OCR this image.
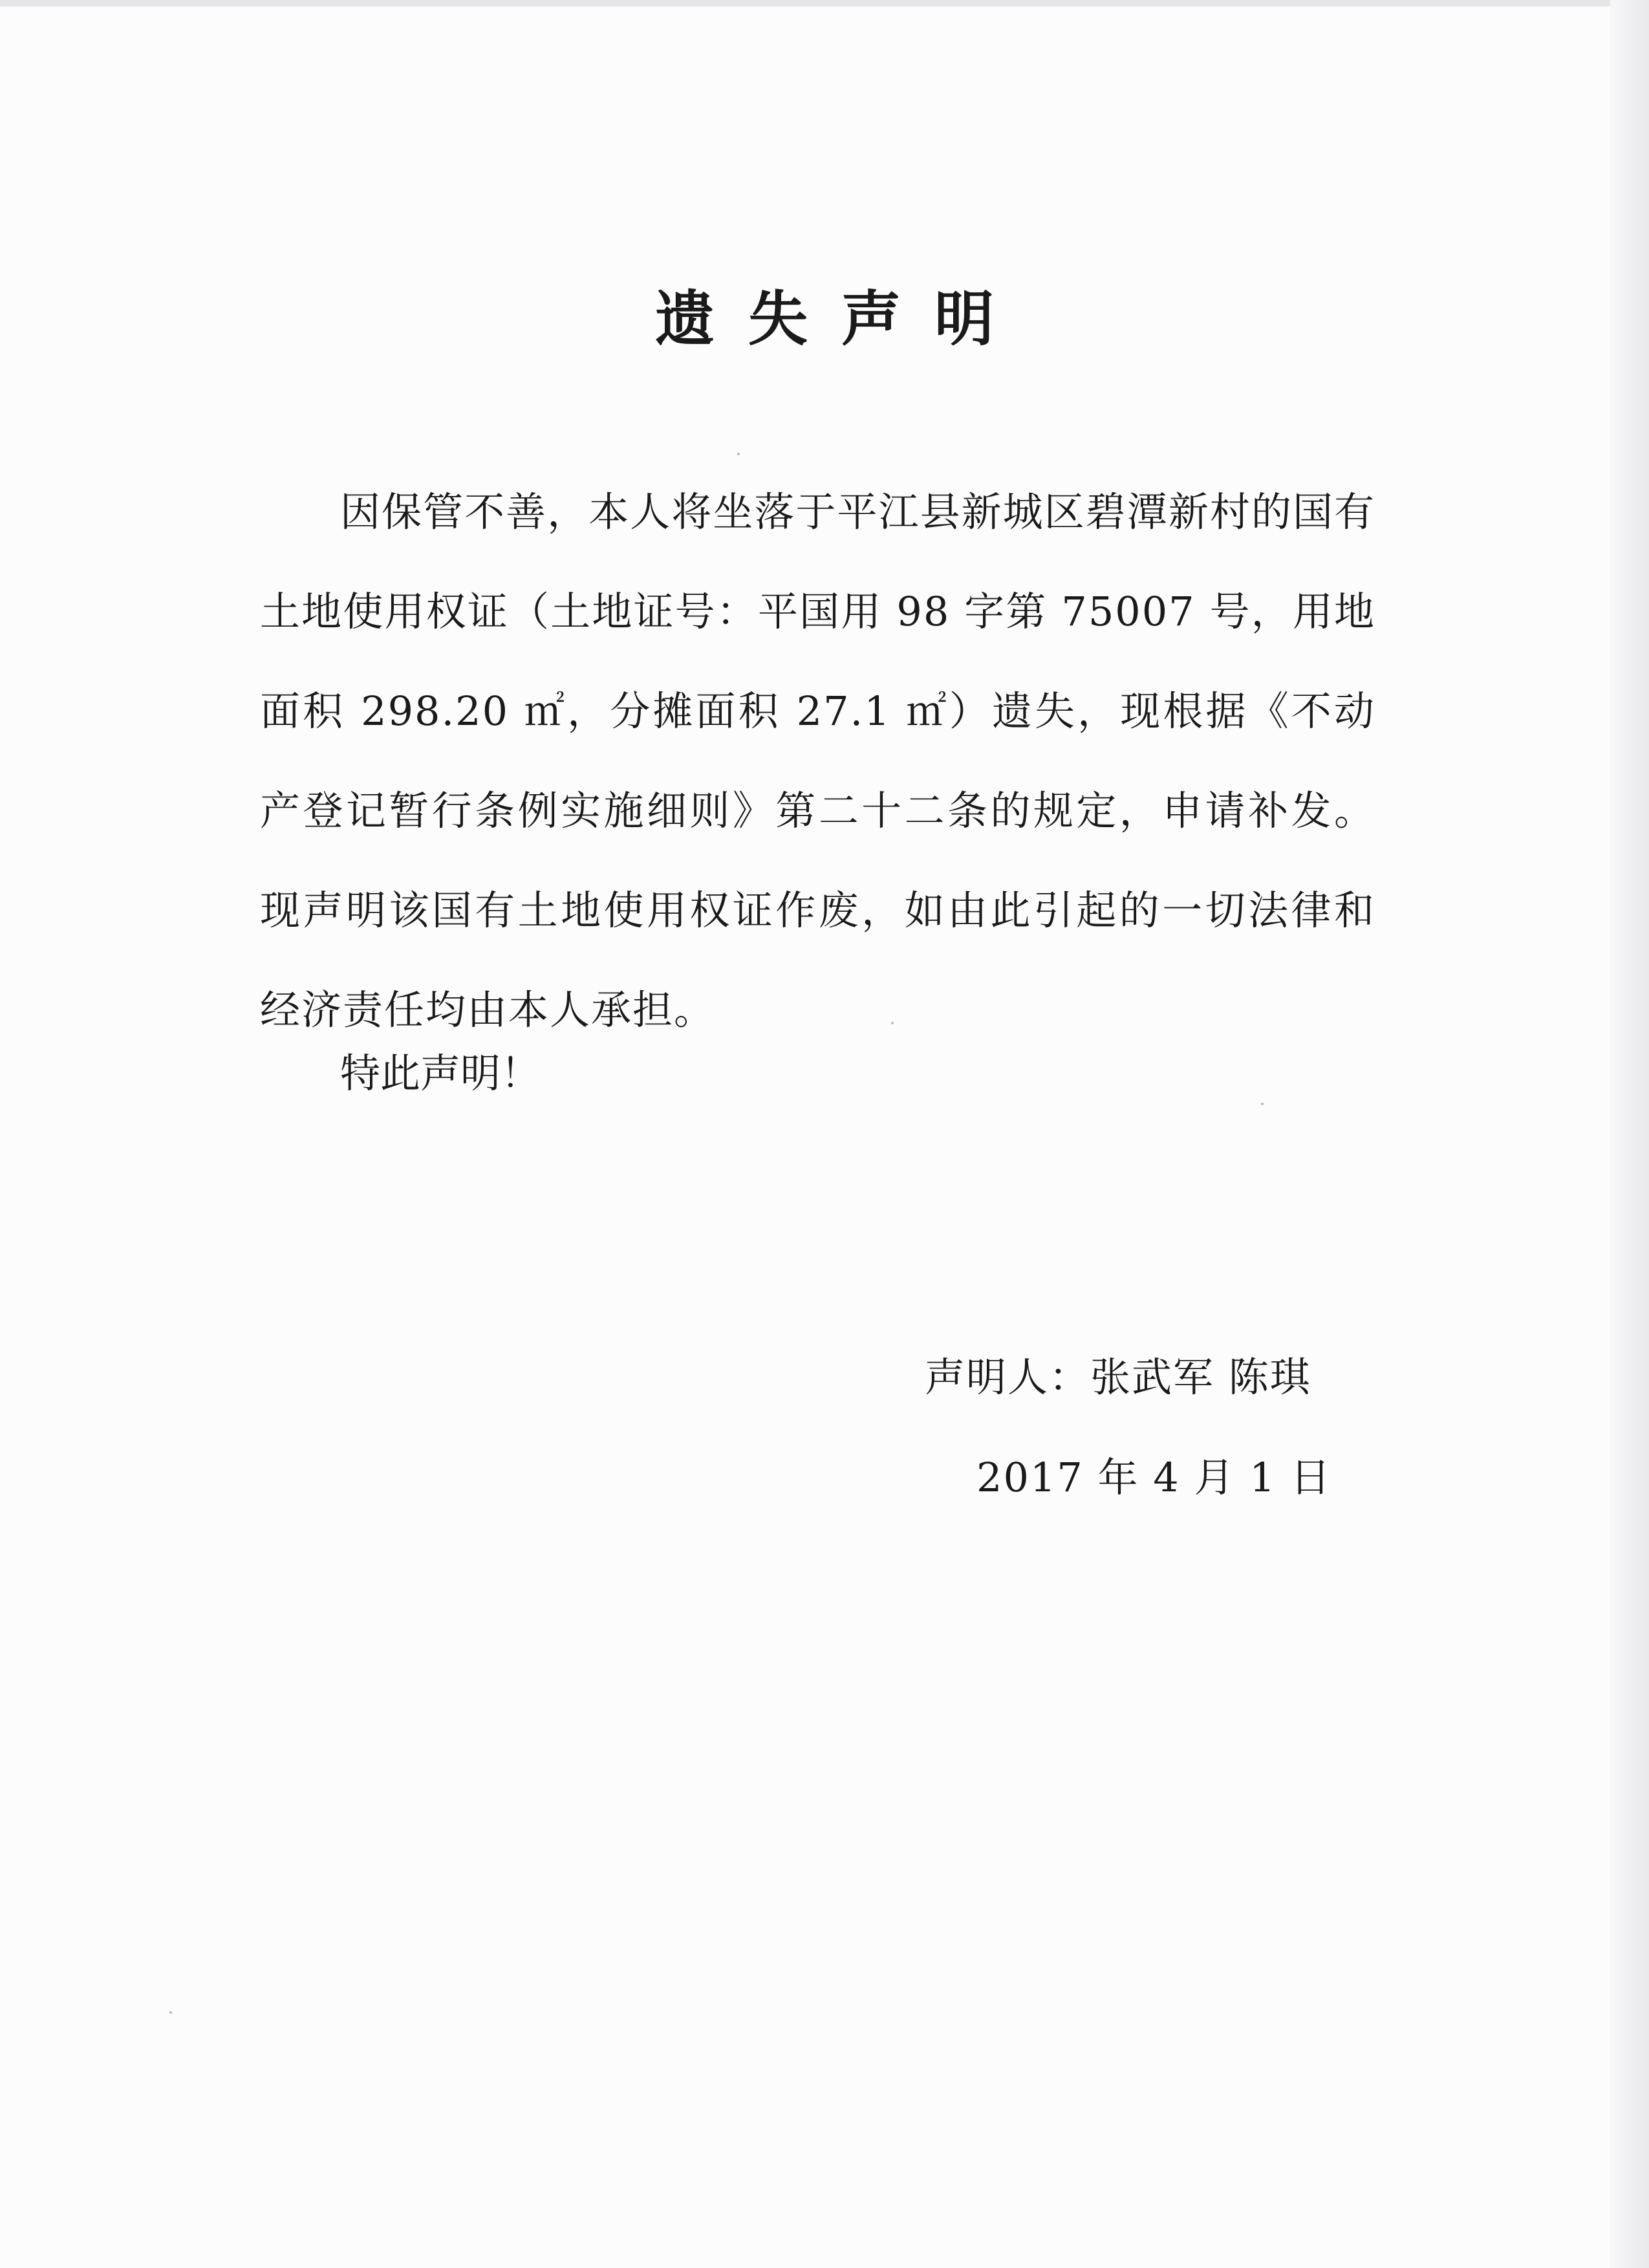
遗失声明

因保管不善，本人将坐落于平江县新城区碧潭新村的国有土地使用权证（土地证号：平国用 98 字第 75007 号，用地面积 298.20 ㎡，分摊面积 27.1 ㎡）遗失，现根据《不动产登记暂行条例实施细则》第二十二条的规定，申请补发。现声明该国有土地使用权证作废，如由此引起的一切法律和经济责任均由本人承担。

特此声明！
声明人：张武军 陈琪
2017 年 4 月 1 日
